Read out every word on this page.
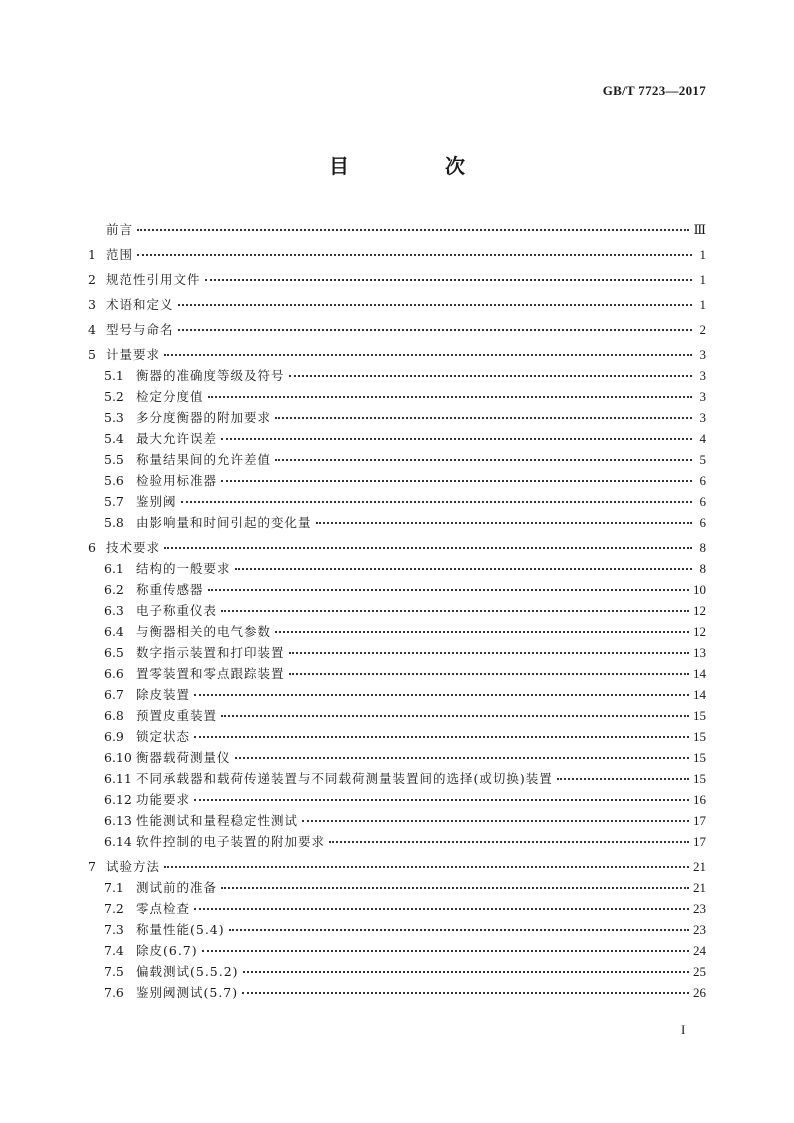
GB/T 7723—2017
目　次
前言	Ⅲ
1 范围	1
2 规范性引用文件	1
3 术语和定义	1
4 型号与命名	2
5 计量要求	3
5.1 衡器的准确度等级及符号	3
5.2 检定分度值	3
5.3 多分度衡器的附加要求	3
5.4 最大允许误差	4
5.5 称量结果间的允许差值	5
5.6 检验用标准器	6
5.7 鉴别阈	6
5.8 由影响量和时间引起的变化量	6
6 技术要求	8
6.1 结构的一般要求	8
6.2 称重传感器	10
6.3 电子称重仪表	12
6.4 与衡器相关的电气参数	12
6.5 数字指示装置和打印装置	13
6.6 置零装置和零点跟踪装置	14
6.7 除皮装置	14
6.8 预置皮重装置	15
6.9 锁定状态	15
6.10 衡器载荷测量仪	15
6.11 不同承载器和载荷传递装置与不同载荷测量装置间的选择(或切换)装置	15
6.12 功能要求	16
6.13 性能测试和量程稳定性测试	17
6.14 软件控制的电子装置的附加要求	17
7 试验方法	21
7.1 测试前的准备	21
7.2 零点检查	23
7.3 称量性能(5.4)	23
7.4 除皮(6.7)	24
7.5 偏载测试(5.5.2)	25
7.6 鉴别阈测试(5.7)	26
I
